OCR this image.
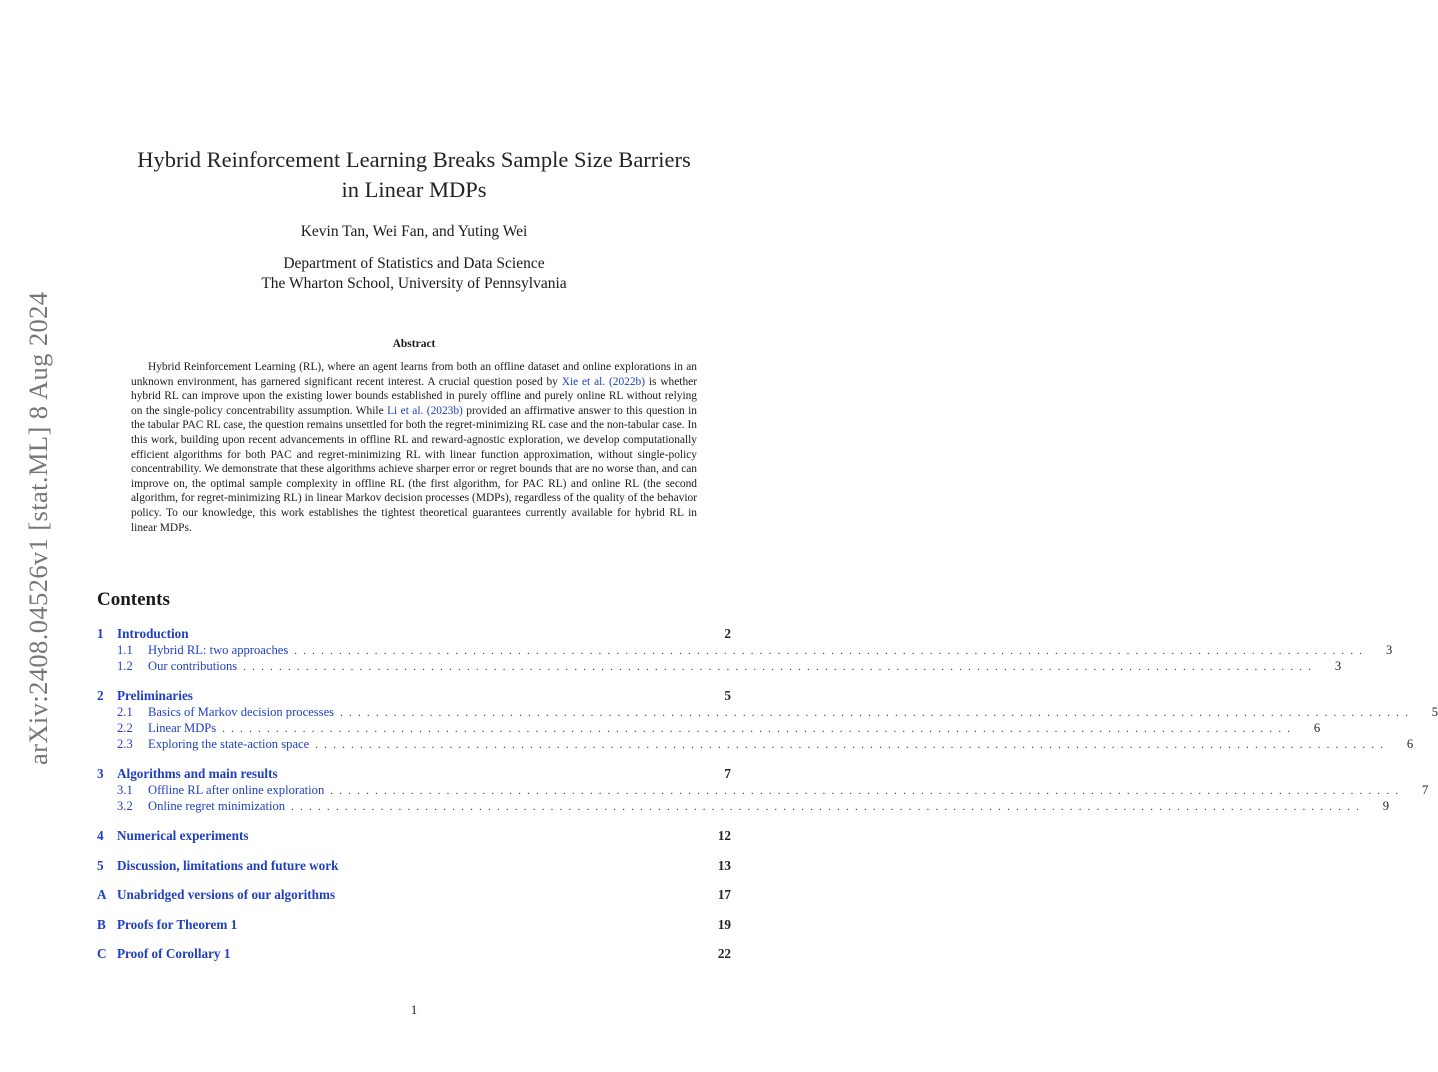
arXiv:2408.04526v1 [stat.ML] 8 Aug 2024
Hybrid Reinforcement Learning Breaks Sample Size Barriers
in Linear MDPs
Kevin Tan, Wei Fan, and Yuting Wei
Department of Statistics and Data Science
The Wharton School, University of Pennsylvania
Abstract
Hybrid Reinforcement Learning (RL), where an agent learns from both an offline dataset and online explorations in an unknown environment, has garnered significant recent interest. A crucial question posed by Xie et al. (2022b) is whether hybrid RL can improve upon the existing lower bounds established in purely offline and purely online RL without relying on the single-policy concentrability assumption. While Li et al. (2023b) provided an affirmative answer to this question in the tabular PAC RL case, the question remains unsettled for both the regret-minimizing RL case and the non-tabular case. In this work, building upon recent advancements in offline RL and reward-agnostic exploration, we develop computationally efficient algorithms for both PAC and regret-minimizing RL with linear function approximation, without single-policy concentrability. We demonstrate that these algorithms achieve sharper error or regret bounds that are no worse than, and can improve on, the optimal sample complexity in offline RL (the first algorithm, for PAC RL) and online RL (the second algorithm, for regret-minimizing RL) in linear Markov decision processes (MDPs), regardless of the quality of the behavior policy. To our knowledge, this work establishes the tightest theoretical guarantees currently available for hybrid RL in linear MDPs.
Contents
1	Introduction	2
1.1	Hybrid RL: two approaches ........................................................................................................................	3
1.2	Our contributions ........................................................................................................................	3
2	Preliminaries	5
2.1	Basics of Markov decision processes ........................................................................................................................	5
2.2	Linear MDPs ........................................................................................................................	6
2.3	Exploring the state-action space ........................................................................................................................	6
3	Algorithms and main results	7
3.1	Offline RL after online exploration ........................................................................................................................	7
3.2	Online regret minimization ........................................................................................................................	9
4	Numerical experiments	12
5	Discussion, limitations and future work	13
A Unabridged versions of our algorithms	17
B Proofs for Theorem 1	19
C Proof of Corollary 1	22
1
